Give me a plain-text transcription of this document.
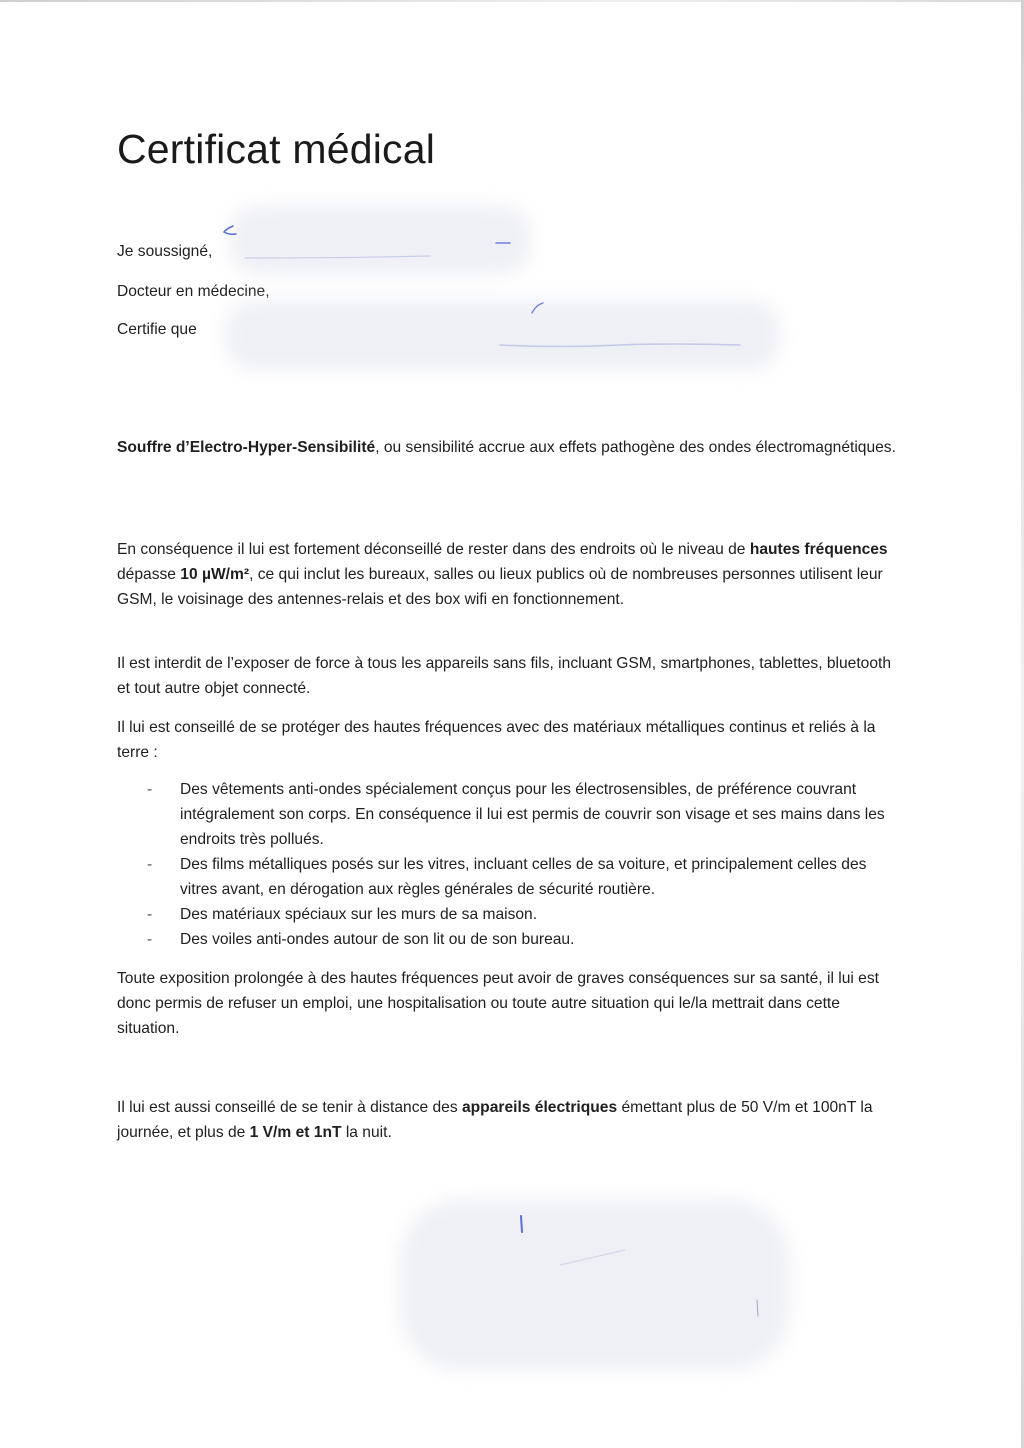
Certificat médical

Je soussigné,

Docteur en médecine,

Certifie que

Souffre d’Electro-Hyper-Sensibilité, ou sensibilité accrue aux effets pathogène des ondes électromagnétiques.

En conséquence il lui est fortement déconseillé de rester dans des endroits où le niveau de hautes fréquences dépasse 10 µW/m², ce qui inclut les bureaux, salles ou lieux publics où de nombreuses personnes utilisent leur GSM, le voisinage des antennes-relais et des box wifi en fonctionnement.

Il est interdit de l’exposer de force à tous les appareils sans fils, incluant GSM, smartphones, tablettes, bluetooth et tout autre objet connecté.

Il lui est conseillé de se protéger des hautes fréquences avec des matériaux métalliques continus et reliés à la terre :

- Des vêtements anti-ondes spécialement conçus pour les électrosensibles, de préférence couvrant intégralement son corps. En conséquence il lui est permis de couvrir son visage et ses mains dans les endroits très pollués.
- Des films métalliques posés sur les vitres, incluant celles de sa voiture, et principalement celles des vitres avant, en dérogation aux règles générales de sécurité routière.
- Des matériaux spéciaux sur les murs de sa maison.
- Des voiles anti-ondes autour de son lit ou de son bureau.

Toute exposition prolongée à des hautes fréquences peut avoir de graves conséquences sur sa santé, il lui est donc permis de refuser un emploi, une hospitalisation ou toute autre situation qui le/la mettrait dans cette situation.

Il lui est aussi conseillé de se tenir à distance des appareils électriques émettant plus de 50 V/m et 100nT la journée, et plus de 1 V/m et 1nT la nuit.
